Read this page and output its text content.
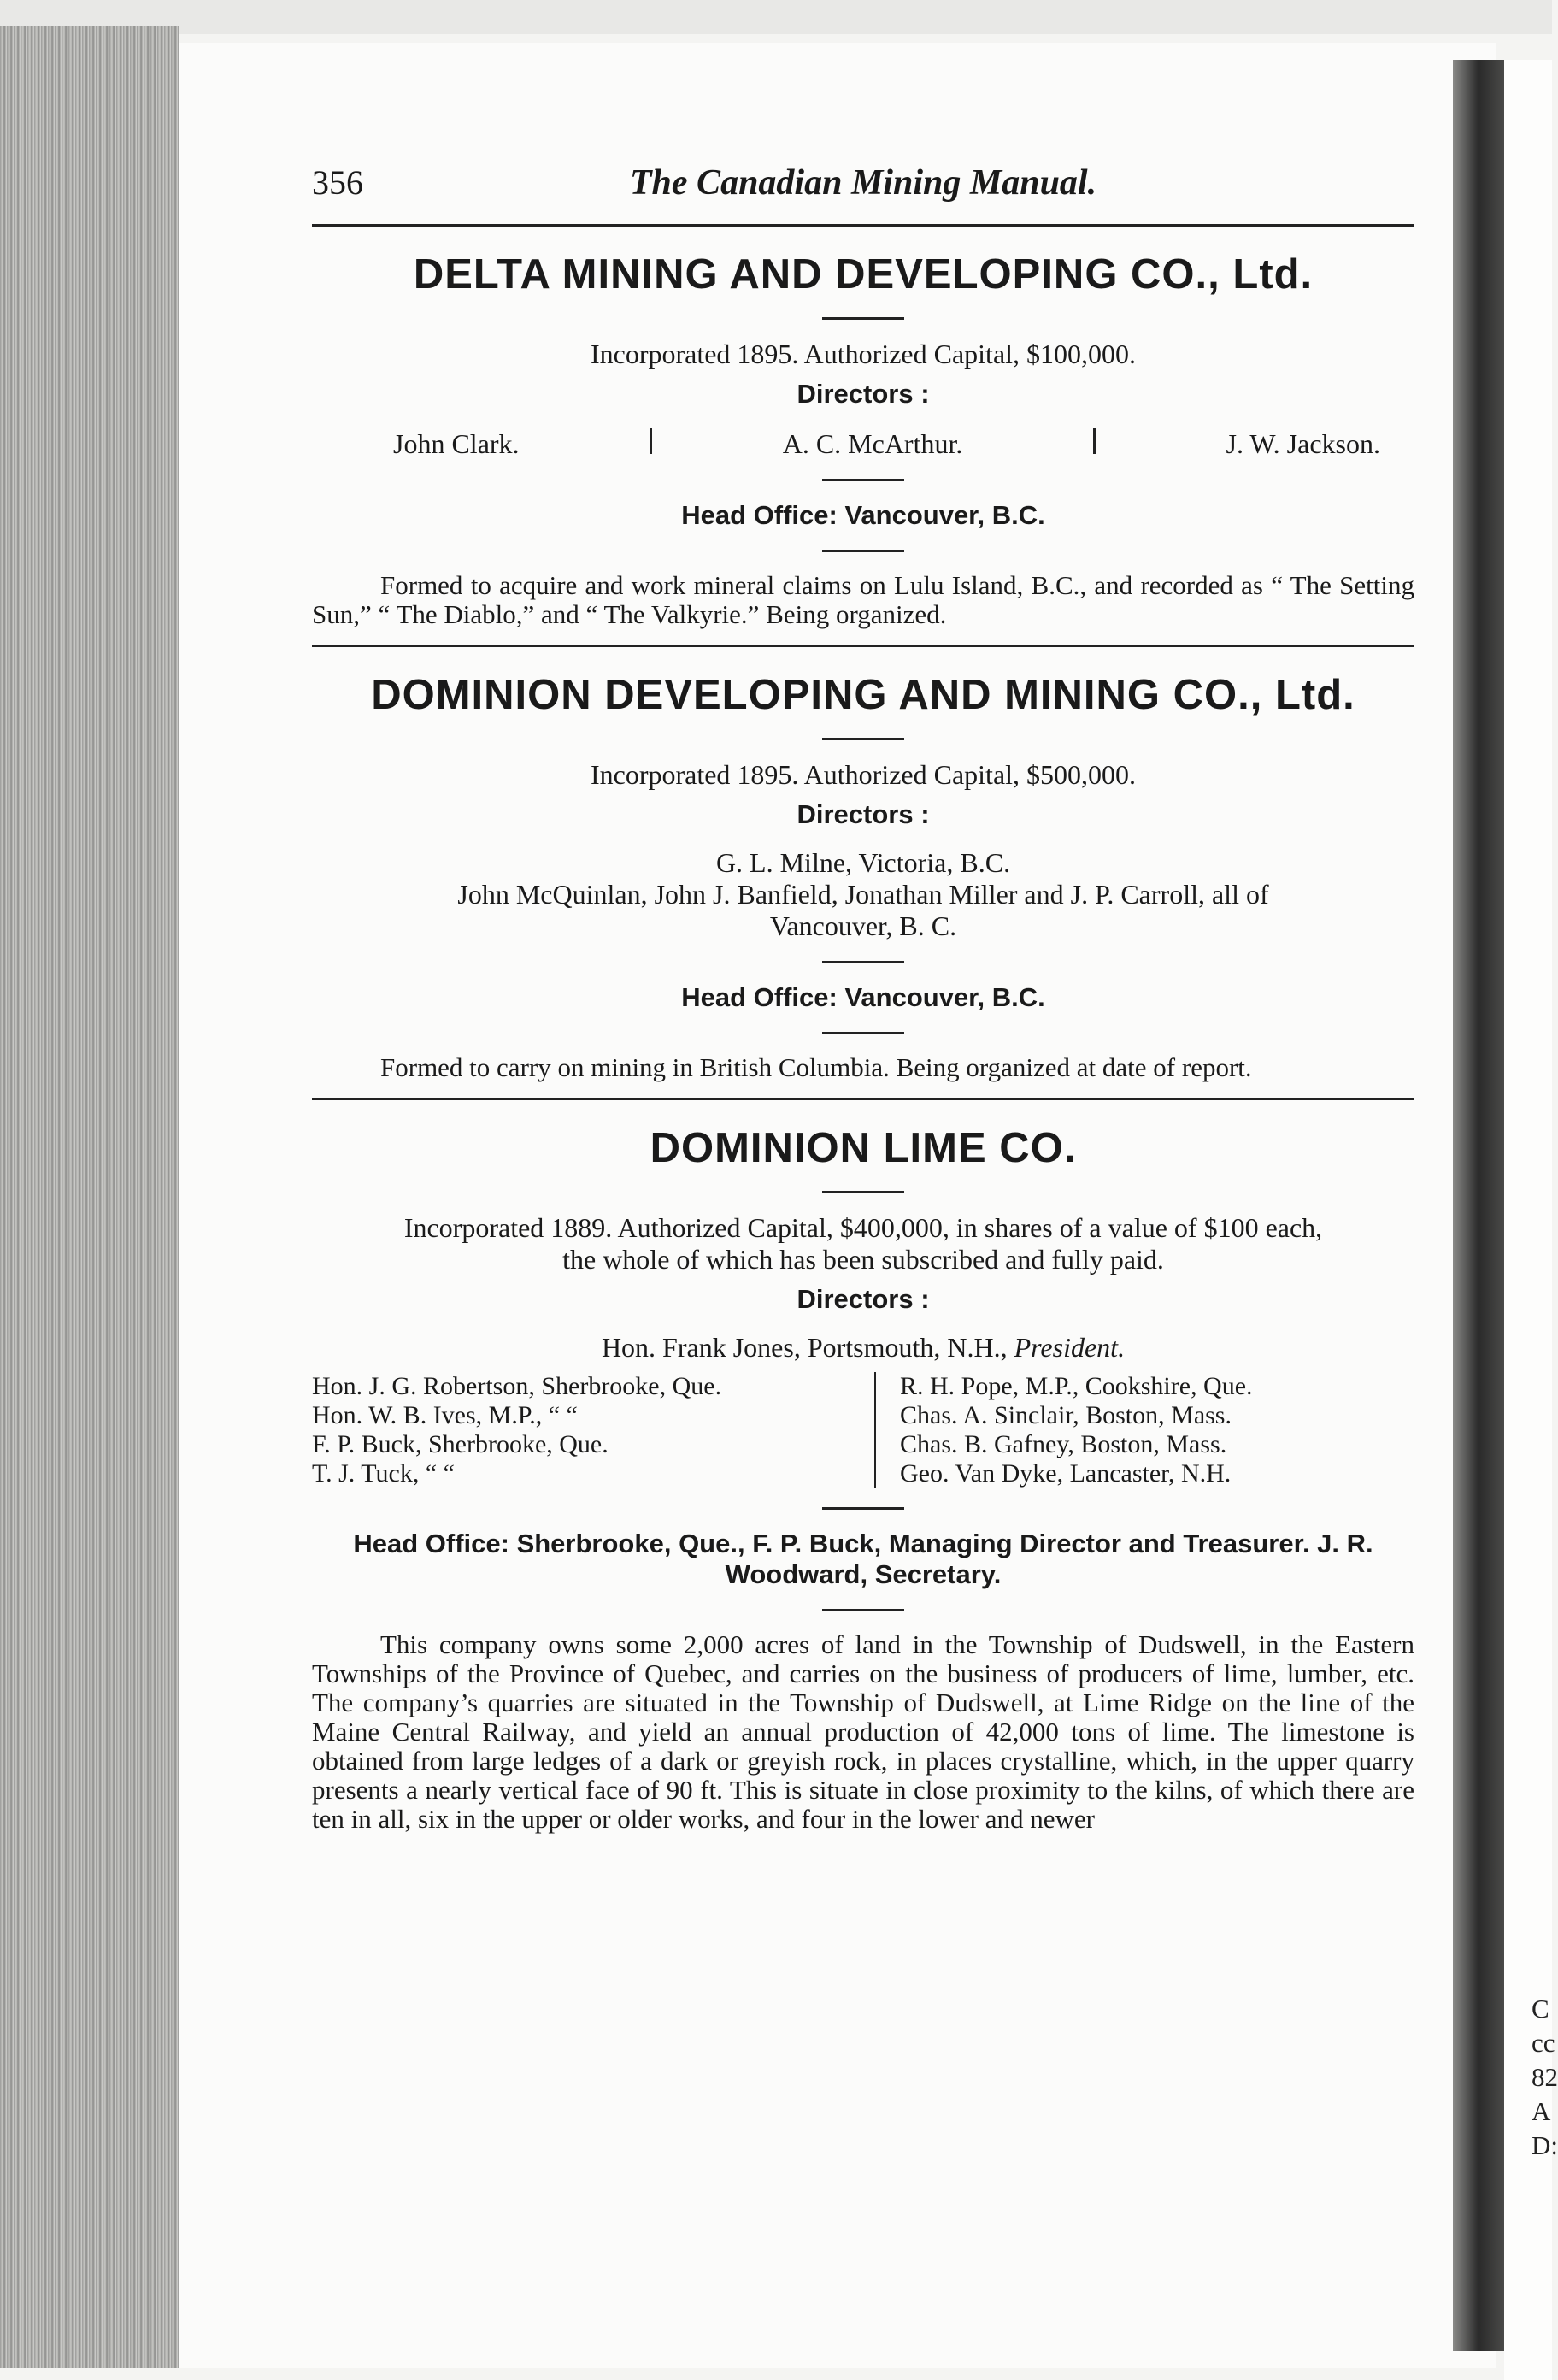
C
cc
82
A
D:
356	The Canadian Mining Manual.
DELTA MINING AND DEVELOPING CO., Ltd.
Incorporated 1895. Authorized Capital, $100,000.
Directors :
John Clark.	A. C. McArthur.	J. W. Jackson.
Head Office: Vancouver, B.C.
Formed to acquire and work mineral claims on Lulu Island, B.C., and recorded as “ The Setting Sun,” “ The Diablo,” and “ The Valkyrie.” Being organized.
DOMINION DEVELOPING AND MINING CO., Ltd.
Incorporated 1895. Authorized Capital, $500,000.
Directors :
G. L. Milne, Victoria, B.C.
John McQuinlan, John J. Banfield, Jonathan Miller and J. P. Carroll, all of
Vancouver, B. C.
Head Office: Vancouver, B.C.
Formed to carry on mining in British Columbia. Being organized at date of report.
DOMINION LIME CO.
Incorporated 1889. Authorized Capital, $400,000, in shares of a value of $100 each,
the whole of which has been subscribed and fully paid.
Directors :
Hon. Frank Jones, Portsmouth, N.H., President.
Hon. J. G. Robertson, Sherbrooke, Que.
Hon. W. B. Ives, M.P., “ “
F. P. Buck, Sherbrooke, Que.
T. J. Tuck, “ “
R. H. Pope, M.P., Cookshire, Que.
Chas. A. Sinclair, Boston, Mass.
Chas. B. Gafney, Boston, Mass.
Geo. Van Dyke, Lancaster, N.H.
Head Office: Sherbrooke, Que., F. P. Buck, Managing Director and Treasurer. J. R. Woodward, Secretary.
This company owns some 2,000 acres of land in the Township of Dudswell, in the Eastern Townships of the Province of Quebec, and carries on the business of producers of lime, lumber, etc. The company’s quarries are situated in the Township of Dudswell, at Lime Ridge on the line of the Maine Central Railway, and yield an annual production of 42,000 tons of lime. The limestone is obtained from large ledges of a dark or greyish rock, in places crystalline, which, in the upper quarry presents a nearly vertical face of 90 ft. This is situate in close proximity to the kilns, of which there are ten in all, six in the upper or older works, and four in the lower and newer
